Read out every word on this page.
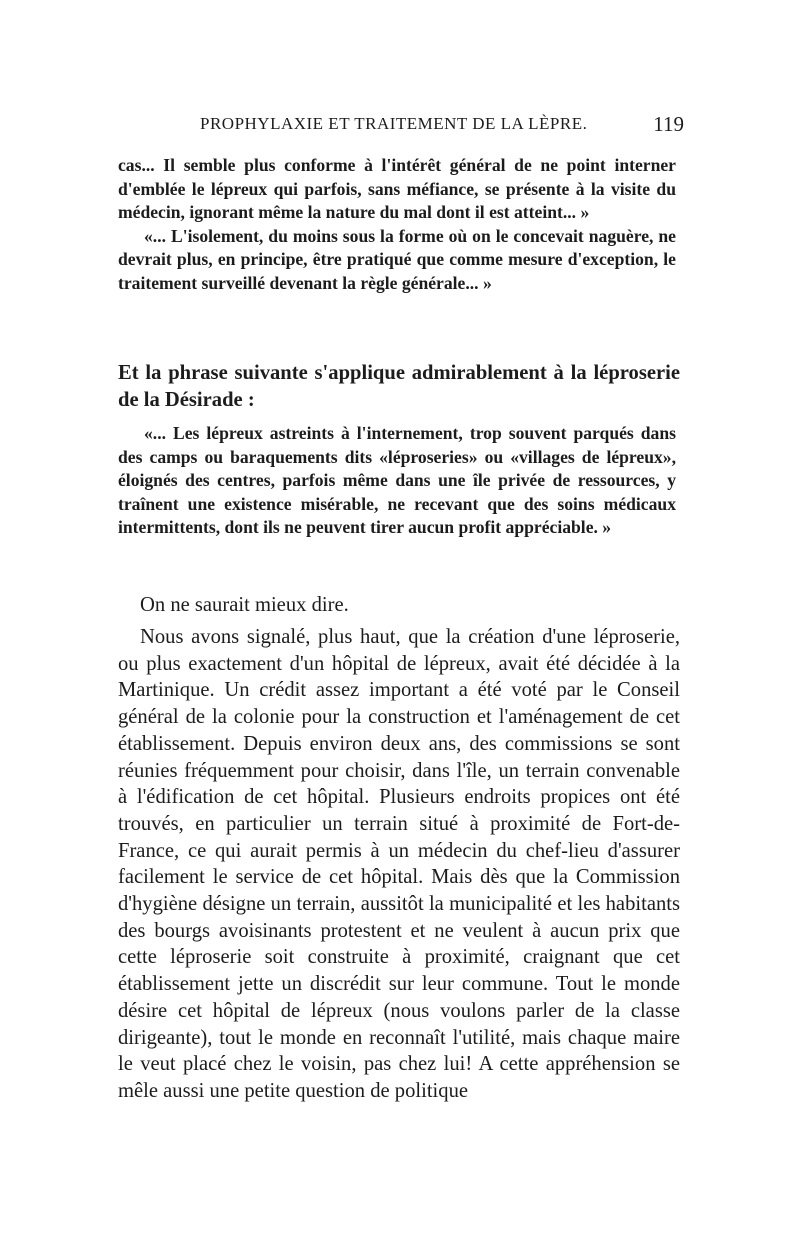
PROPHYLAXIE ET TRAITEMENT DE LA LÈPRE.	119

cas... Il semble plus conforme à l'intérêt général de ne point interner d'emblée le lépreux qui parfois, sans méfiance, se présente à la visite du médecin, ignorant même la nature du mal dont il est atteint... »

«... L'isolement, du moins sous la forme où on le concevait naguère, ne devrait plus, en principe, être pratiqué que comme mesure d'exception, le traitement surveillé devenant la règle générale... »

Et la phrase suivante s'applique admirablement à la léproserie de la Désirade :

«... Les lépreux astreints à l'internement, trop souvent parqués dans des camps ou baraquements dits «léproseries» ou «villages de lépreux», éloignés des centres, parfois même dans une île privée de ressources, y traînent une existence misérable, ne recevant que des soins médicaux intermittents, dont ils ne peuvent tirer aucun profit appréciable. »

On ne saurait mieux dire.

Nous avons signalé, plus haut, que la création d'une léproserie, ou plus exactement d'un hôpital de lépreux, avait été décidée à la Martinique. Un crédit assez important a été voté par le Conseil général de la colonie pour la construction et l'aménagement de cet établissement. Depuis environ deux ans, des commissions se sont réunies fréquemment pour choisir, dans l'île, un terrain convenable à l'édification de cet hôpital. Plusieurs endroits propices ont été trouvés, en particulier un terrain situé à proximité de Fort-de-France, ce qui aurait permis à un médecin du chef-lieu d'assurer facilement le service de cet hôpital. Mais dès que la Commission d'hygiène désigne un terrain, aussitôt la municipalité et les habitants des bourgs avoisinants protestent et ne veulent à aucun prix que cette léproserie soit construite à proximité, craignant que cet établissement jette un discrédit sur leur commune. Tout le monde désire cet hôpital de lépreux (nous voulons parler de la classe dirigeante), tout le monde en reconnaît l'utilité, mais chaque maire le veut placé chez le voisin, pas chez lui! A cette appréhension se mêle aussi une petite question de politique
